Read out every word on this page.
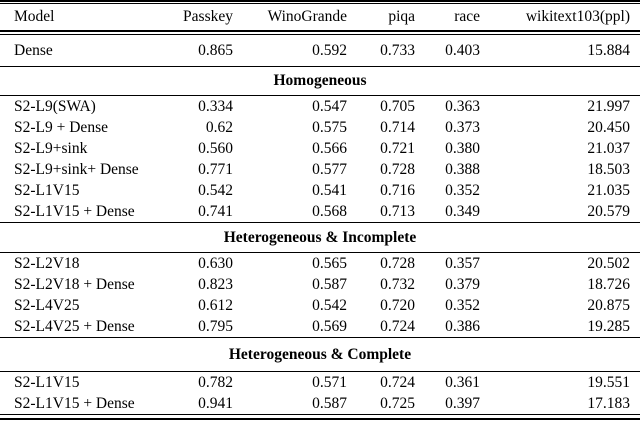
Model	Passkey	WinoGrande	piqa	race	wikitext103(ppl)
Dense	0.865	0.592	0.733	0.403	15.884
Homogeneous
S2-L9(SWA)	0.334	0.547	0.705	0.363	21.997
S2-L9 + Dense	0.62	0.575	0.714	0.373	20.450
S2-L9+sink	0.560	0.566	0.721	0.380	21.037
S2-L9+sink+ Dense	0.771	0.577	0.728	0.388	18.503
S2-L1V15	0.542	0.541	0.716	0.352	21.035
S2-L1V15 + Dense	0.741	0.568	0.713	0.349	20.579
Heterogeneous & Incomplete
S2-L2V18	0.630	0.565	0.728	0.357	20.502
S2-L2V18 + Dense	0.823	0.587	0.732	0.379	18.726
S2-L4V25	0.612	0.542	0.720	0.352	20.875
S2-L4V25 + Dense	0.795	0.569	0.724	0.386	19.285
Heterogeneous & Complete
S2-L1V15	0.782	0.571	0.724	0.361	19.551
S2-L1V15 + Dense	0.941	0.587	0.725	0.397	17.183
